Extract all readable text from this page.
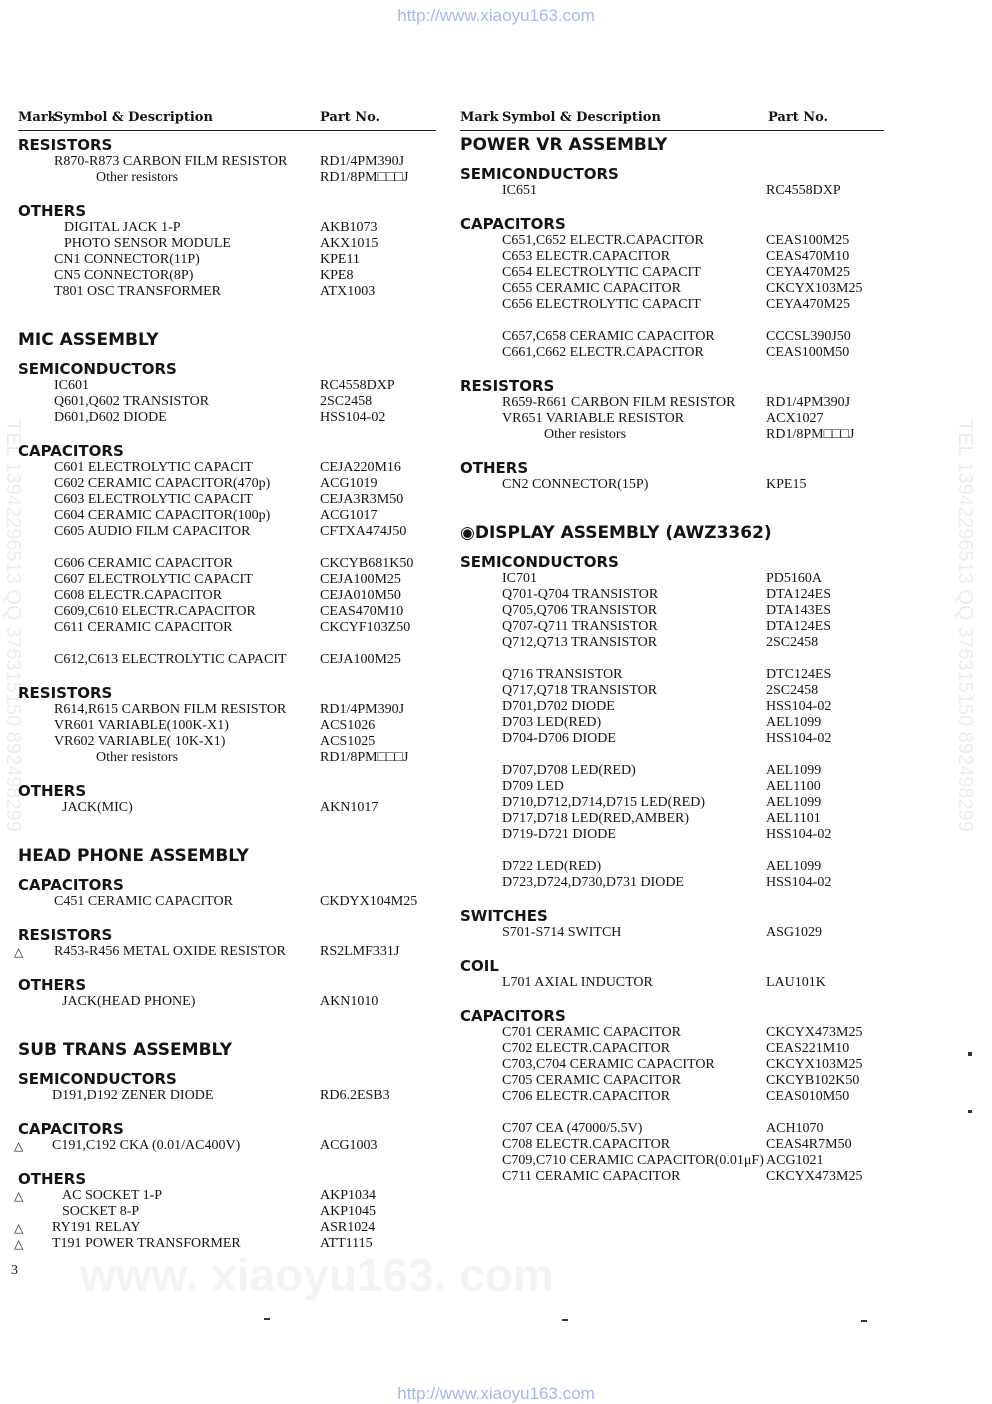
http://www.xiaoyu163.com
http://www.xiaoyu163.com
TEL 13942296513 QQ 376315150 892498299	TEL 13942296513 QQ 376315150 892498299
Mark
Symbol & Description	Part No.
RESISTORS
R870-R873 CARBON FILM RESISTOR RD1/4PM390J
Other resistors	RD1/8PM□□□J
OTHERS
DIGITAL JACK 1-P	AKB1073
PHOTO SENSOR MODULE	AKX1015
CN1 CONNECTOR(11P)	KPE11
CN5 CONNECTOR(8P)	KPE8
T801 OSC TRANSFORMER	ATX1003
MIC ASSEMBLY
SEMICONDUCTORS
IC601	RC4558DXP
Q601,Q602 TRANSISTOR	2SC2458
D601,D602 DIODE	HSS104-02
CAPACITORS
C601 ELECTROLYTIC CAPACIT	CEJA220M16
C602 CERAMIC CAPACITOR(470p)	ACG1019
C603 ELECTROLYTIC CAPACIT	CEJA3R3M50
C604 CERAMIC CAPACITOR(100p)	ACG1017
C605 AUDIO FILM CAPACITOR	CFTXA474J50
C606 CERAMIC CAPACITOR	CKCYB681K50
C607 ELECTROLYTIC CAPACIT	CEJA100M25
C608 ELECTR.CAPACITOR	CEJA010M50
C609,C610 ELECTR.CAPACITOR	CEAS470M10
C611 CERAMIC CAPACITOR	CKCYF103Z50
C612,C613 ELECTROLYTIC CAPACIT CEJA100M25
RESISTORS
R614,R615 CARBON FILM RESISTOR RD1/4PM390J
VR601 VARIABLE(100K-X1)	ACS1026
VR602 VARIABLE( 10K-X1)	ACS1025
Other resistors	RD1/8PM□□□J
OTHERS
JACK(MIC)	AKN1017
HEAD PHONE ASSEMBLY
CAPACITORS
C451 CERAMIC CAPACITOR	CKDYX104M25
RESISTORS
△ R453-R456 METAL OXIDE RESISTOR RS2LMF331J
OTHERS
JACK(HEAD PHONE)	AKN1010
SUB TRANS ASSEMBLY
SEMICONDUCTORS
D191,D192 ZENER DIODE	RD6.2ESB3
CAPACITORS
△ C191,C192 CKA (0.01/AC400V)	ACG1003
OTHERS
△	AC SOCKET 1-P	AKP1034
SOCKET 8-P	AKP1045
△ RY191 RELAY	ASR1024
△ T191 POWER TRANSFORMER	ATT1115
Mark Symbol & Description	Part No.
POWER VR ASSEMBLY
SEMICONDUCTORS
IC651	RC4558DXP
CAPACITORS
C651,C652 ELECTR.CAPACITOR	CEAS100M25
C653 ELECTR.CAPACITOR	CEAS470M10
C654 ELECTROLYTIC CAPACIT	CEYA470M25
C655 CERAMIC CAPACITOR	CKCYX103M25
C656 ELECTROLYTIC CAPACIT	CEYA470M25
C657,C658 CERAMIC CAPACITOR	CCCSL390J50
C661,C662 ELECTR.CAPACITOR	CEAS100M50
RESISTORS
R659-R661 CARBON FILM RESISTOR RD1/4PM390J
VR651 VARIABLE RESISTOR	ACX1027
Other resistors	RD1/8PM□□□J
OTHERS
CN2 CONNECTOR(15P)	KPE15
◉DISPLAY ASSEMBLY (AWZ3362)
SEMICONDUCTORS
IC701	PD5160A
Q701-Q704 TRANSISTOR	DTA124ES
Q705,Q706 TRANSISTOR	DTA143ES
Q707-Q711 TRANSISTOR	DTA124ES
Q712,Q713 TRANSISTOR	2SC2458
Q716 TRANSISTOR	DTC124ES
Q717,Q718 TRANSISTOR	2SC2458
D701,D702 DIODE	HSS104-02
D703 LED(RED)	AEL1099
D704-D706 DIODE	HSS104-02
D707,D708 LED(RED)	AEL1099
D709 LED	AEL1100
D710,D712,D714,D715 LED(RED)	AEL1099
D717,D718 LED(RED,AMBER)	AEL1101
D719-D721 DIODE	HSS104-02
D722 LED(RED)	AEL1099
D723,D724,D730,D731 DIODE	HSS104-02
SWITCHES
S701-S714 SWITCH	ASG1029
COIL
L701 AXIAL INDUCTOR	LAU101K
CAPACITORS
C701 CERAMIC CAPACITOR	CKCYX473M25
C702 ELECTR.CAPACITOR	CEAS221M10
C703,C704 CERAMIC CAPACITOR	CKCYX103M25
C705 CERAMIC CAPACITOR	CKCYB102K50
C706 ELECTR.CAPACITOR	CEAS010M50
C707 CEA (47000/5.5V)	ACH1070
C708 ELECTR.CAPACITOR	CEAS4R7M50
C709,C710 CERAMIC CAPACITOR(0.01μF) ACG1021
C711 CERAMIC CAPACITOR	CKCYX473M25
3
